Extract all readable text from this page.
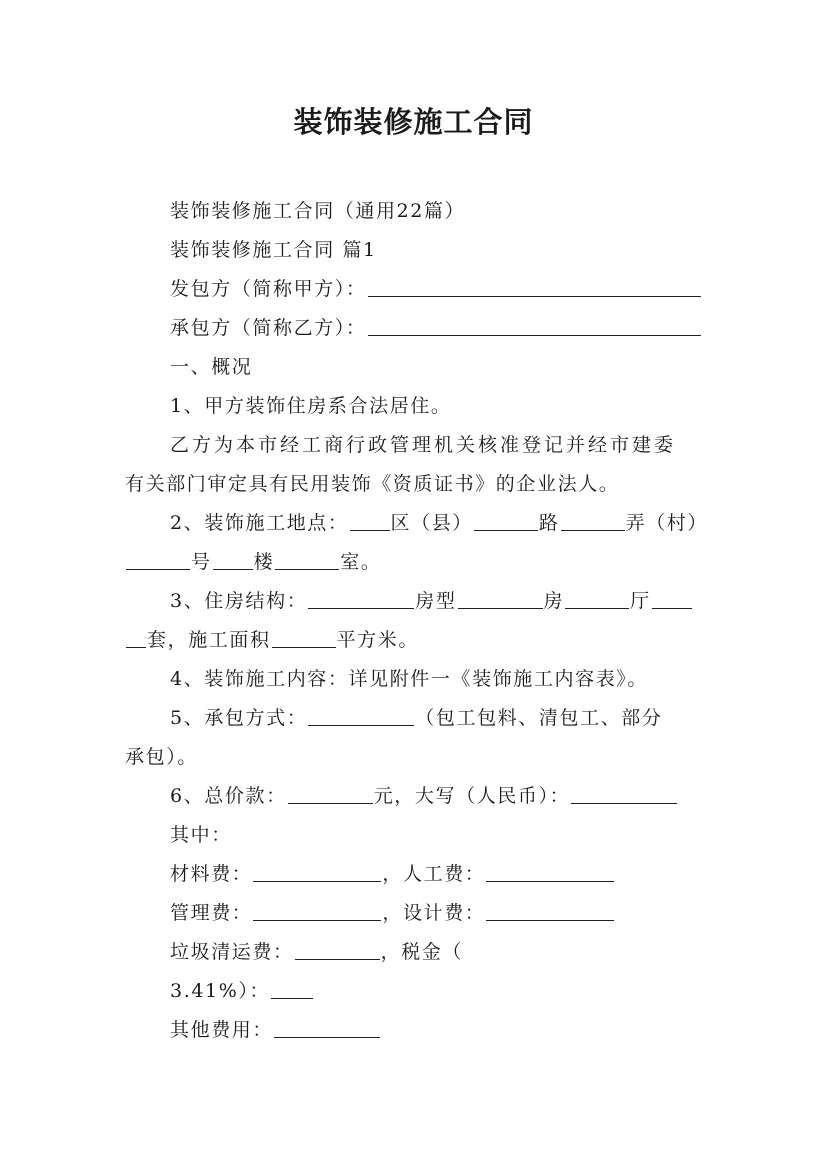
装饰装修施工合同
装饰装修施工合同（通用22篇）
装饰装修施工合同 篇1
发包方（简称甲方）：
承包方（简称乙方）：
一、概况
1、甲方装饰住房系合法居住。
乙方为本市经工商行政管理机关核准登记并经市建委
有关部门审定具有民用装饰《资质证书》的企业法人。
2、装饰施工地点： 区（县）	路	弄（村）
号 楼	室。
3、住房结构：	房型	房	厅
套，施工面积	平方米。
4、装饰施工内容：详见附件一《装饰施工内容表》。
5、承包方式：	（包工包料、清包工、部分
承包）。
6、总价款：	元，大写（人民币）：
其中：
材料费：	，人工费：
管理费：	，设计费：
垃圾清运费：	，税金（
3.41%）：
其他费用：
